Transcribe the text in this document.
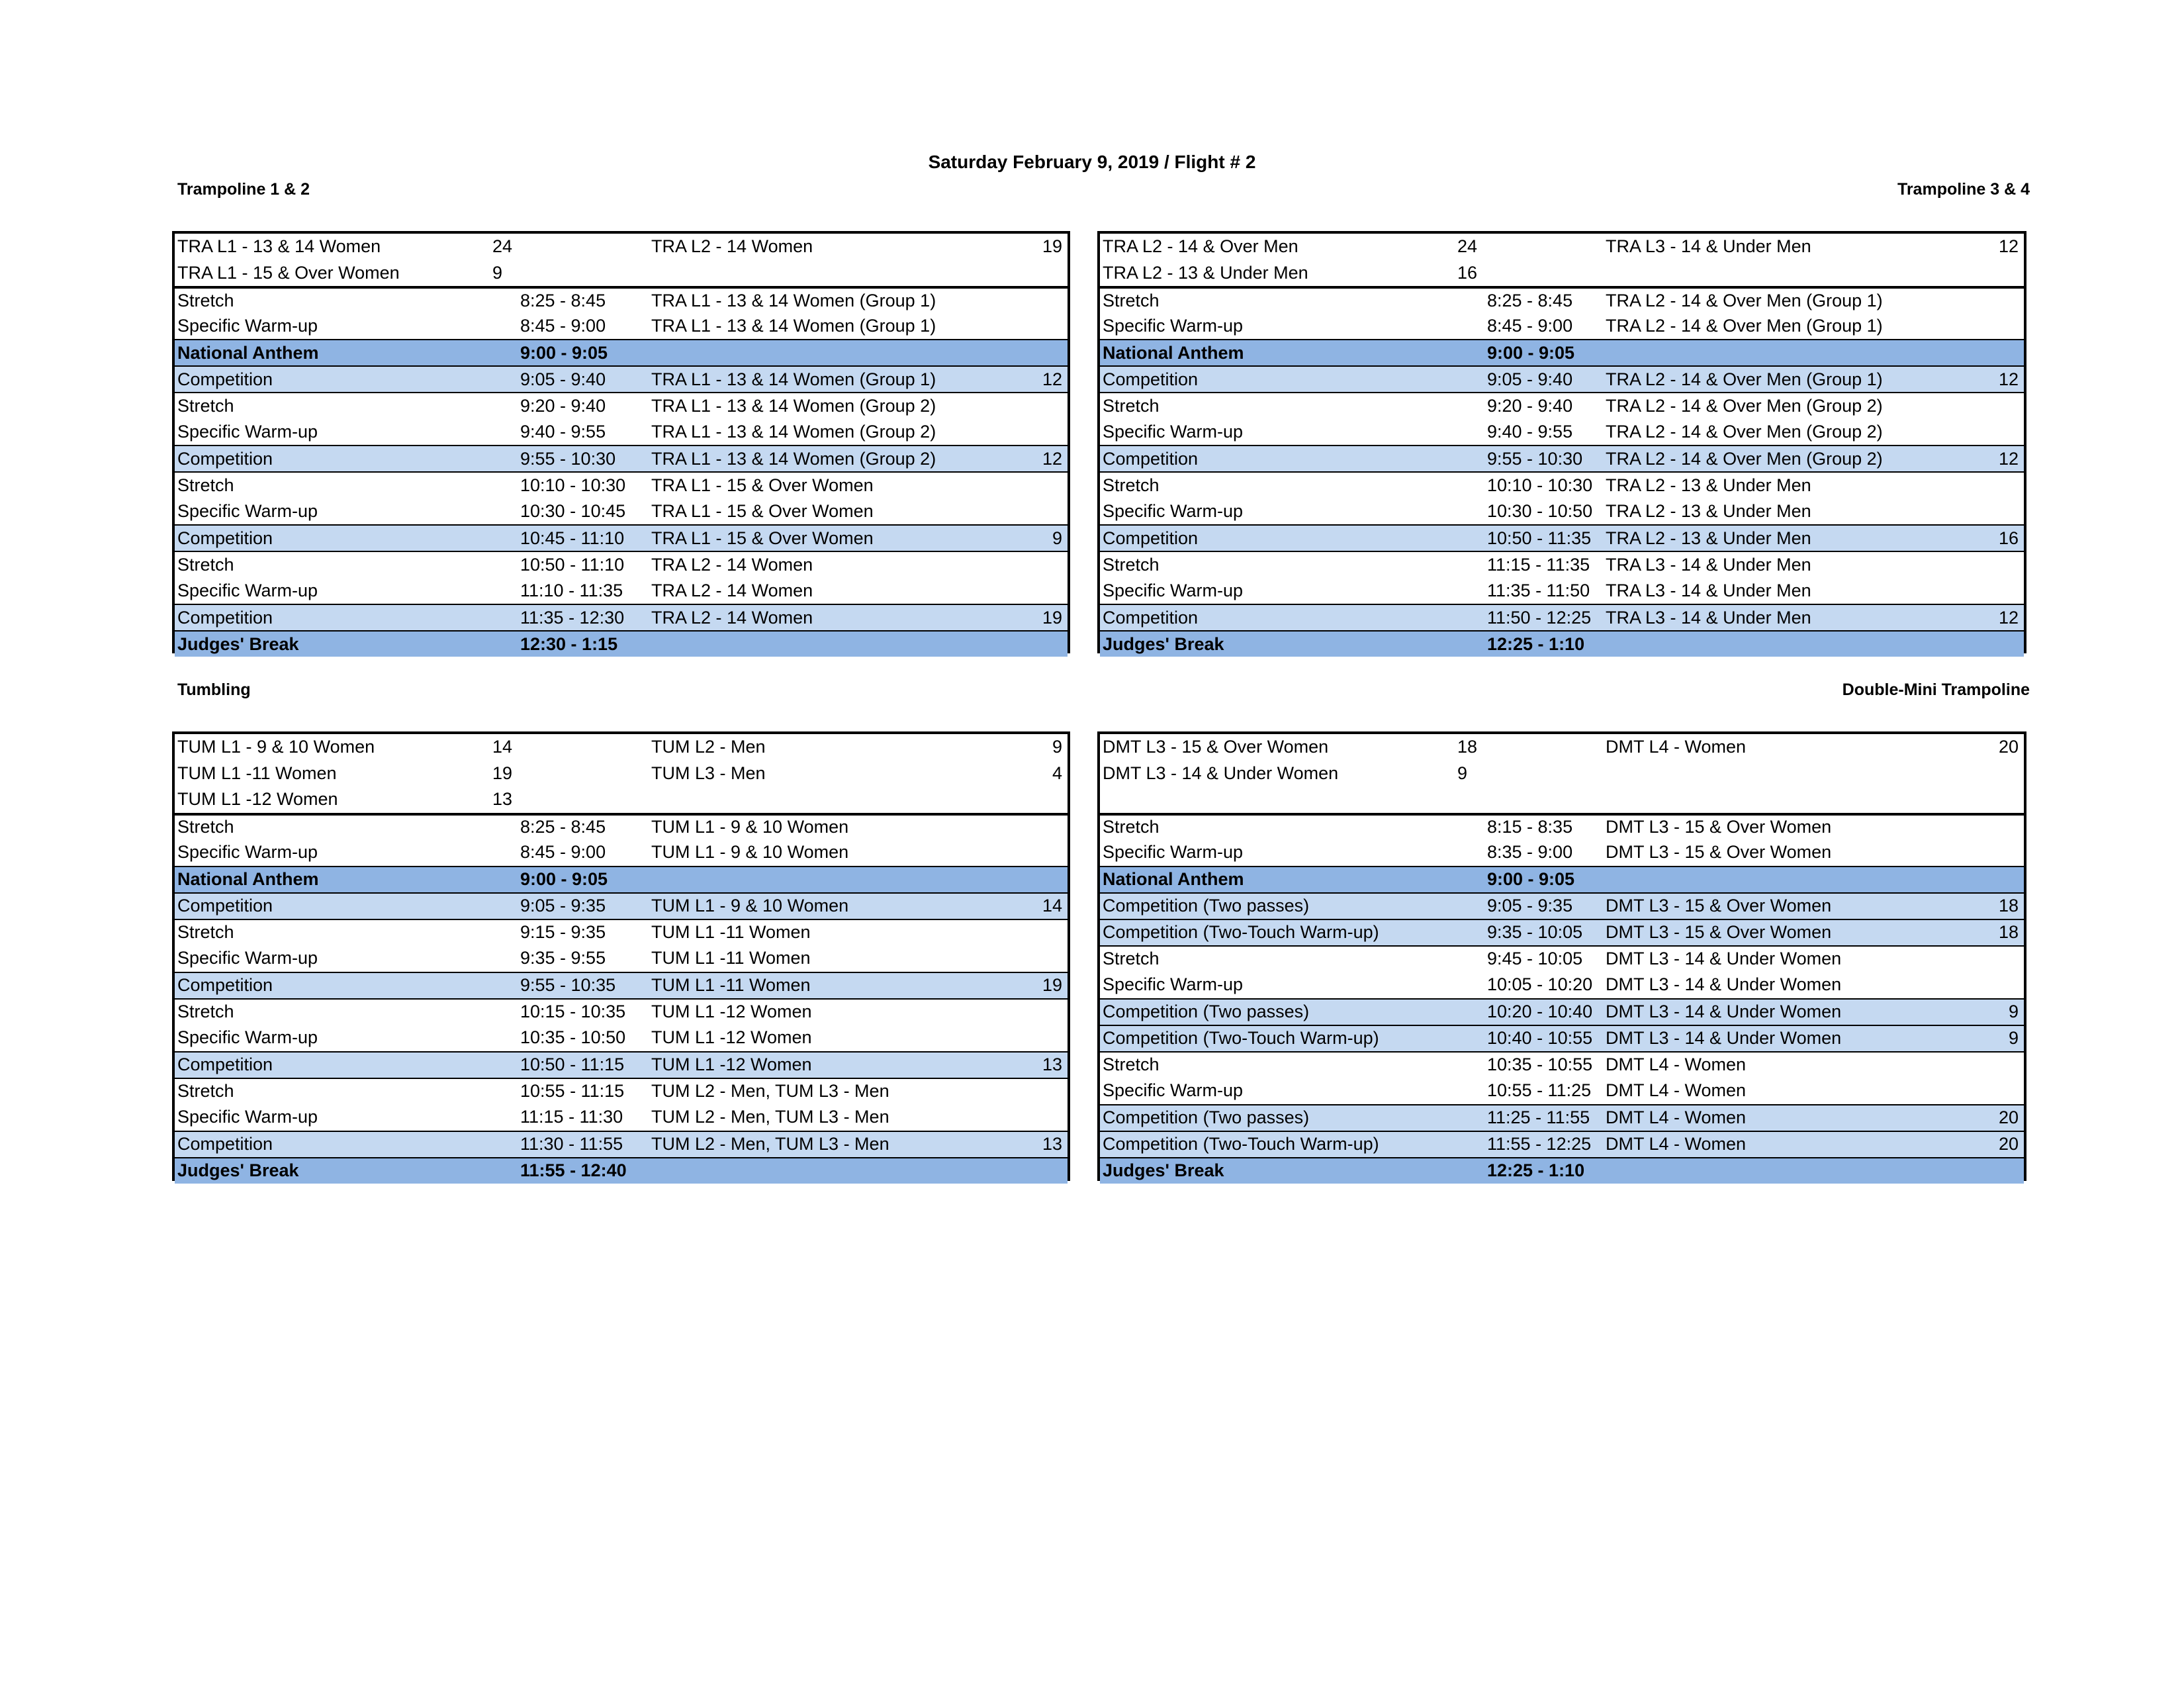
Saturday February 9, 2019 / Flight # 2
Trampoline 1 & 2	Trampoline 3 & 4
Tumbling	Double-Mini Trampoline
TRA L1 - 13 & 14 Women	24	TRA L2 - 14 Women	19
TRA L1 - 15 & Over Women	9
Stretch	8:25 - 8:45	TRA L1 - 13 & 14 Women (Group 1)
Specific Warm-up	8:45 - 9:00	TRA L1 - 13 & 14 Women (Group 1)
National Anthem	9:00 - 9:05
Competition	9:05 - 9:40	TRA L1 - 13 & 14 Women (Group 1)	12
Stretch	9:20 - 9:40	TRA L1 - 13 & 14 Women (Group 2)
Specific Warm-up	9:40 - 9:55	TRA L1 - 13 & 14 Women (Group 2)
Competition	9:55 - 10:30 TRA L1 - 13 & 14 Women (Group 2)	12
Stretch	10:10 - 10:30 TRA L1 - 15 & Over Women
Specific Warm-up	10:30 - 10:45 TRA L1 - 15 & Over Women
Competition	10:45 - 11:10 TRA L1 - 15 & Over Women	9
Stretch	10:50 - 11:10 TRA L2 - 14 Women
Specific Warm-up	11:10 - 11:35 TRA L2 - 14 Women
Competition	11:35 - 12:30 TRA L2 - 14 Women	19
Judges' Break	12:30 - 1:15
TRA L2 - 14 & Over Men	24	TRA L3 - 14 & Under Men	12
TRA L2 - 13 & Under Men	16
Stretch	8:25 - 8:45 TRA L2 - 14 & Over Men (Group 1)
Specific Warm-up	8:45 - 9:00 TRA L2 - 14 & Over Men (Group 1)
National Anthem	9:00 - 9:05
Competition	9:05 - 9:40 TRA L2 - 14 & Over Men (Group 1)	12
Stretch	9:20 - 9:40 TRA L2 - 14 & Over Men (Group 2)
Specific Warm-up	9:40 - 9:55 TRA L2 - 14 & Over Men (Group 2)
Competition	9:55 - 10:30 TRA L2 - 14 & Over Men (Group 2)	12
Stretch	10:10 - 10:30 TRA L2 - 13 & Under Men
Specific Warm-up	10:30 - 10:50 TRA L2 - 13 & Under Men
Competition	10:50 - 11:35 TRA L2 - 13 & Under Men	16
Stretch	11:15 - 11:35 TRA L3 - 14 & Under Men
Specific Warm-up	11:35 - 11:50 TRA L3 - 14 & Under Men
Competition	11:50 - 12:25 TRA L3 - 14 & Under Men	12
Judges' Break	12:25 - 1:10
TUM L1 - 9 & 10 Women	14	TUM L2 - Men	9
TUM L1 -11 Women	19	TUM L3 - Men	4
TUM L1 -12 Women	13
Stretch	8:25 - 8:45	TUM L1 - 9 & 10 Women
Specific Warm-up	8:45 - 9:00	TUM L1 - 9 & 10 Women
National Anthem	9:00 - 9:05
Competition	9:05 - 9:35	TUM L1 - 9 & 10 Women	14
Stretch	9:15 - 9:35	TUM L1 -11 Women
Specific Warm-up	9:35 - 9:55	TUM L1 -11 Women
Competition	9:55 - 10:35 TUM L1 -11 Women	19
Stretch	10:15 - 10:35 TUM L1 -12 Women
Specific Warm-up	10:35 - 10:50 TUM L1 -12 Women
Competition	10:50 - 11:15 TUM L1 -12 Women	13
Stretch	10:55 - 11:15 TUM L2 - Men, TUM L3 - Men
Specific Warm-up	11:15 - 11:30 TUM L2 - Men, TUM L3 - Men
Competition	11:30 - 11:55 TUM L2 - Men, TUM L3 - Men	13
Judges' Break	11:55 - 12:40
DMT L3 - 15 & Over Women	18	DMT L4 - Women	20
DMT L3 - 14 & Under Women	9
Stretch	8:15 - 8:35 DMT L3 - 15 & Over Women
Specific Warm-up	8:35 - 9:00 DMT L3 - 15 & Over Women
National Anthem	9:00 - 9:05
Competition (Two passes)	9:05 - 9:35 DMT L3 - 15 & Over Women	18
Competition (Two-Touch Warm-up)	9:35 - 10:05 DMT L3 - 15 & Over Women	18
Stretch	9:45 - 10:05 DMT L3 - 14 & Under Women
Specific Warm-up	10:05 - 10:20 DMT L3 - 14 & Under Women
Competition (Two passes)	10:20 - 10:40 DMT L3 - 14 & Under Women	9
Competition (Two-Touch Warm-up)	10:40 - 10:55 DMT L3 - 14 & Under Women	9
Stretch	10:35 - 10:55 DMT L4 - Women
Specific Warm-up	10:55 - 11:25 DMT L4 - Women
Competition (Two passes)	11:25 - 11:55 DMT L4 - Women	20
Competition (Two-Touch Warm-up)	11:55 - 12:25 DMT L4 - Women	20
Judges' Break	12:25 - 1:10
